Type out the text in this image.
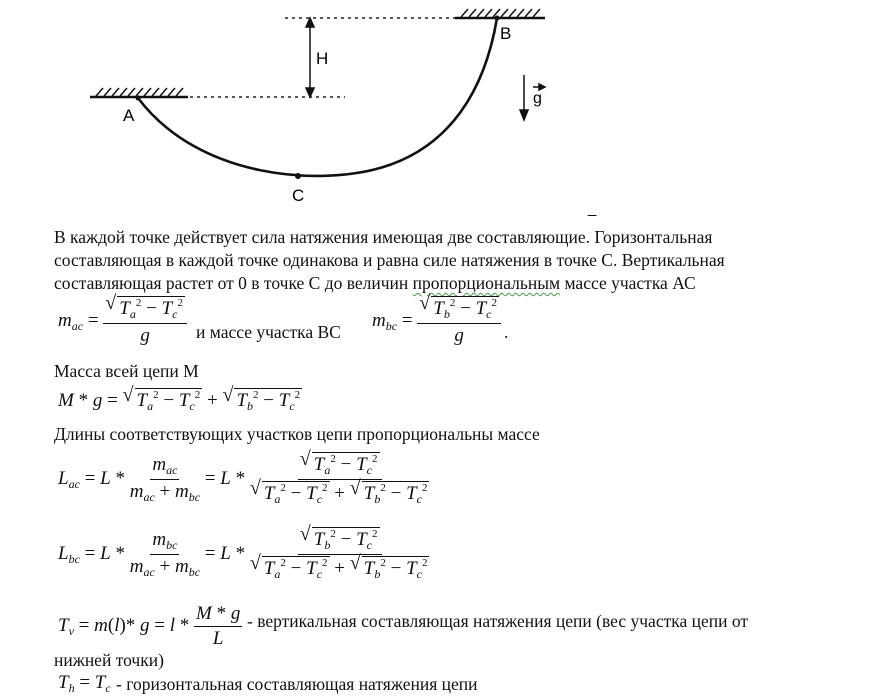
A
B
C
H
g
_
В каждой точке действует сила натяжения имеющая две составляющие. Горизонтальная
составляющая в каждой точке одинакова и равна силе натяжения в точке С. Вертикальная
составляющая растет от 0 в точке С до величин пропорциональным массе участка АС
$m_{ac} = \frac{√ T_a^2 - T_c^2}{g}$ и массе участка ВС
$m_{bc} = \frac{√ T_b^2 - T_c^2}{g}$ .
Масса всей цепи М
M * g = √ $T_a^2 - T_c^2$ + √ $T_b^2 - T_c^2$
Длины соответствующих участков цепи пропорциональны массе
$L_{ac} = L * \frac{m_{ac}}{m_{ac} + m_{bc}} = L * \frac{√ T_a^2 - T_c^2}{√ T_a^2 - T_c^2 + √ T_b^2 - T_c^2}$
$L_{bc} = L * \frac{m_{bc}}{m_{ac} + m_{bc}} = L * \frac{√ T_b^2 - T_c^2}{√ T_a^2 - T_c^2 + √ T_b^2 - T_c^2}$
$T_v = m(l)*$ $g = l * \frac{M * g}{L}$ - вертикальная составляющая натяжения цепи (вес участка цепи от
нижней точки)
$T_h = T_c$ - горизонтальная составляющая натяжения цепи
